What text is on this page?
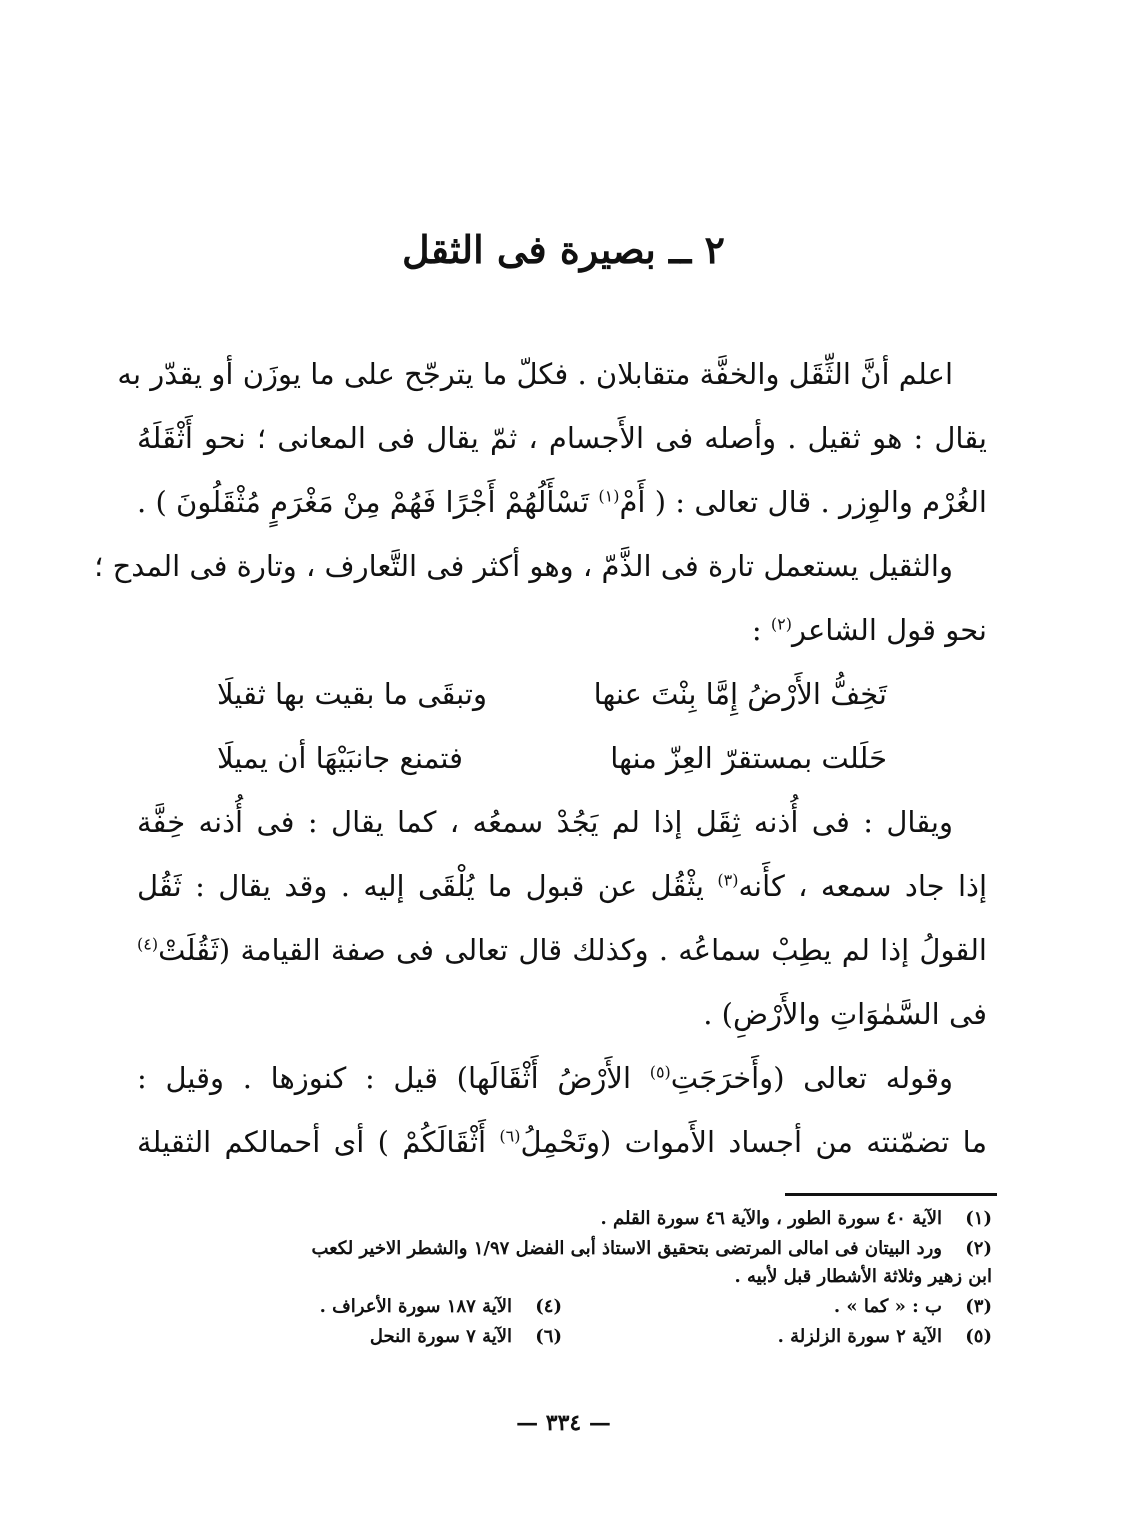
٢ ــ بصيرة فى الثقل

اعلم أنَّ الثِّقَل والخفَّة متقابلان . فكلّ ما يترجّح على ما يوزَن أو يقدّر به

يقال : هو ثقيل . وأصله فى الأَجسام ، ثمّ يقال فى المعانى ؛ نحو أَثْقَلَهُ

الغُرْم والوِزر . قال تعالى : ( أَمْ$^{(١)}$ تَسْأَلُهُمْ أَجْرًا فَهُمْ مِنْ مَغْرَمٍ مُثْقَلُونَ ) .

والثقيل يستعمل تارة فى الذَّمّ ، وهو أكثر فى التَّعارف ، وتارة فى المدح ؛

نحو قول الشاعر$^{(٢)}$ :

تَخِفُّ الأَرْضُ إِمَّا بِنْتَ عنها
وتبقَى ما بقيت بها ثقيلَا
حَلَلت بمستقرّ العِزّ منها
فتمنع جانبَيْهَا أن يميلَا

ويقال : فى أُذنه ثِقَل إذا لم يَجُدْ سمعُه ، كما يقال : فى أُذنه خِفَّة

إذا جاد سمعه ، كأَنه$^{(٣)}$ يثْقُل عن قبول ما يُلْقَى إليه . وقد يقال : ثَقُل

القولُ إذا لم يطِبْ سماعُه . وكذلك قال تعالى فى صفة القيامة (ثَقُلَتْ$^{(٤)}$

فى السَّمٰوَاتِ والأَرْضِ) .

وقوله تعالى (وأَخرَجَتِ$^{(٥)}$ الأَرْضُ أَثْقَالَها) قيل : كنوزها . وقيل :

ما تضمّنته من أجساد الأَموات (وتَحْمِلُ$^{(٦)}$ أَثْقَالَكُمْ ) أى أحمالكم الثقيلة

(١)
الآية ٤٠ سورة الطور ، والآية ٤٦ سورة القلم .

(٢)
ورد البيتان فى امالى المرتضى بتحقيق الاستاذ أبى الفضل ١/٩٧ والشطر الاخير لكعب

ابن زهير وثلاثة الأشطار قبل لأبيه .

(٣)
ب : « كما » .
(٤)
الآية ١٨٧ سورة الأعراف .
(٥)
الآية ٢ سورة الزلزلة .
(٦)
الآية ٧ سورة النحل
— ٣٣٤ —
